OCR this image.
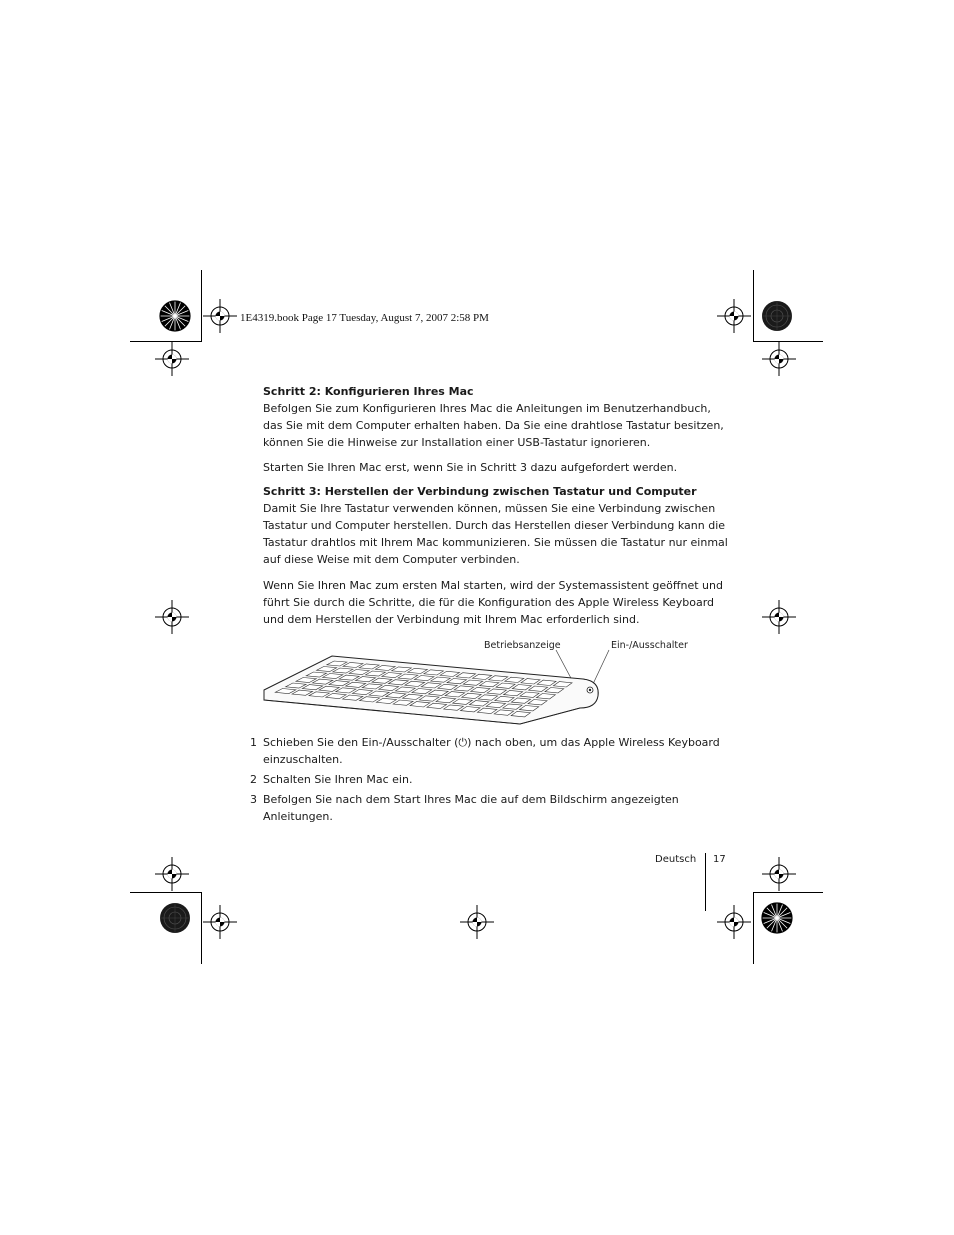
1E4319.book Page 17 Tuesday, August 7, 2007 2:58 PM
Schritt 2: Konfigurieren Ihres Mac
Befolgen Sie zum Konfigurieren Ihres Mac die Anleitungen im Benutzerhandbuch,
das Sie mit dem Computer erhalten haben. Da Sie eine drahtlose Tastatur besitzen,
können Sie die Hinweise zur Installation einer USB-Tastatur ignorieren.
Starten Sie Ihren Mac erst, wenn Sie in Schritt 3 dazu aufgefordert werden.
Schritt 3: Herstellen der Verbindung zwischen Tastatur und Computer
Damit Sie Ihre Tastatur verwenden können, müssen Sie eine Verbindung zwischen
Tastatur und Computer herstellen. Durch das Herstellen dieser Verbindung kann die
Tastatur drahtlos mit Ihrem Mac kommunizieren. Sie müssen die Tastatur nur einmal
auf diese Weise mit dem Computer verbinden.
Wenn Sie Ihren Mac zum ersten Mal starten, wird der Systemassistent geöffnet und
führt Sie durch die Schritte, die für die Konfiguration des Apple Wireless Keyboard
und dem Herstellen der Verbindung mit Ihrem Mac erforderlich sind.
Betriebsanzeige	Ein-/Ausschalter
1 Schieben Sie den Ein-/Ausschalter (⏻) nach oben, um das Apple Wireless Keyboard
einzuschalten.
2 Schalten Sie Ihren Mac ein.
3 Befolgen Sie nach dem Start Ihres Mac die auf dem Bildschirm angezeigten
Anleitungen.
Deutsch 17
